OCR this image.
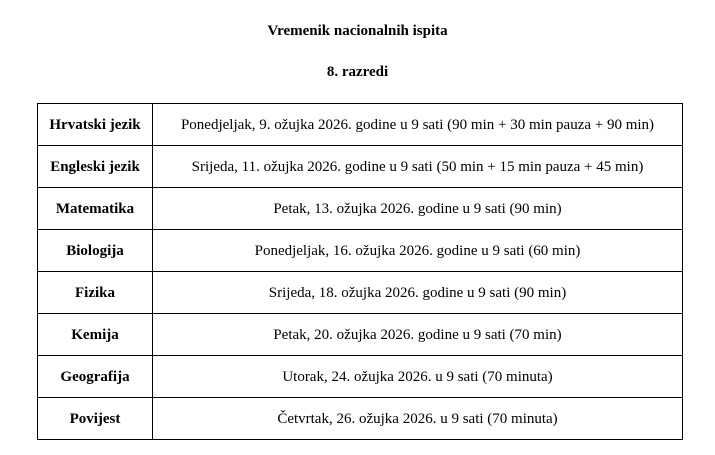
Vremenik nacionalnih ispita
8. razredi
Hrvatski jezik	Ponedjeljak, 9. ožujka 2026. godine u 9 sati (90 min + 30 min pauza + 90 min)
Engleski jezik	Srijeda, 11. ožujka 2026. godine u 9 sati (50 min + 15 min pauza + 45 min)
Matematika	Petak, 13. ožujka 2026. godine u 9 sati (90 min)
Biologija	Ponedjeljak, 16. ožujka 2026. godine u 9 sati (60 min)
Fizika	Srijeda, 18. ožujka 2026. godine u 9 sati (90 min)
Kemija	Petak, 20. ožujka 2026. godine u 9 sati (70 min)
Geografija	Utorak, 24. ožujka 2026. u 9 sati (70 minuta)
Povijest	Četvrtak, 26. ožujka 2026. u 9 sati (70 minuta)
